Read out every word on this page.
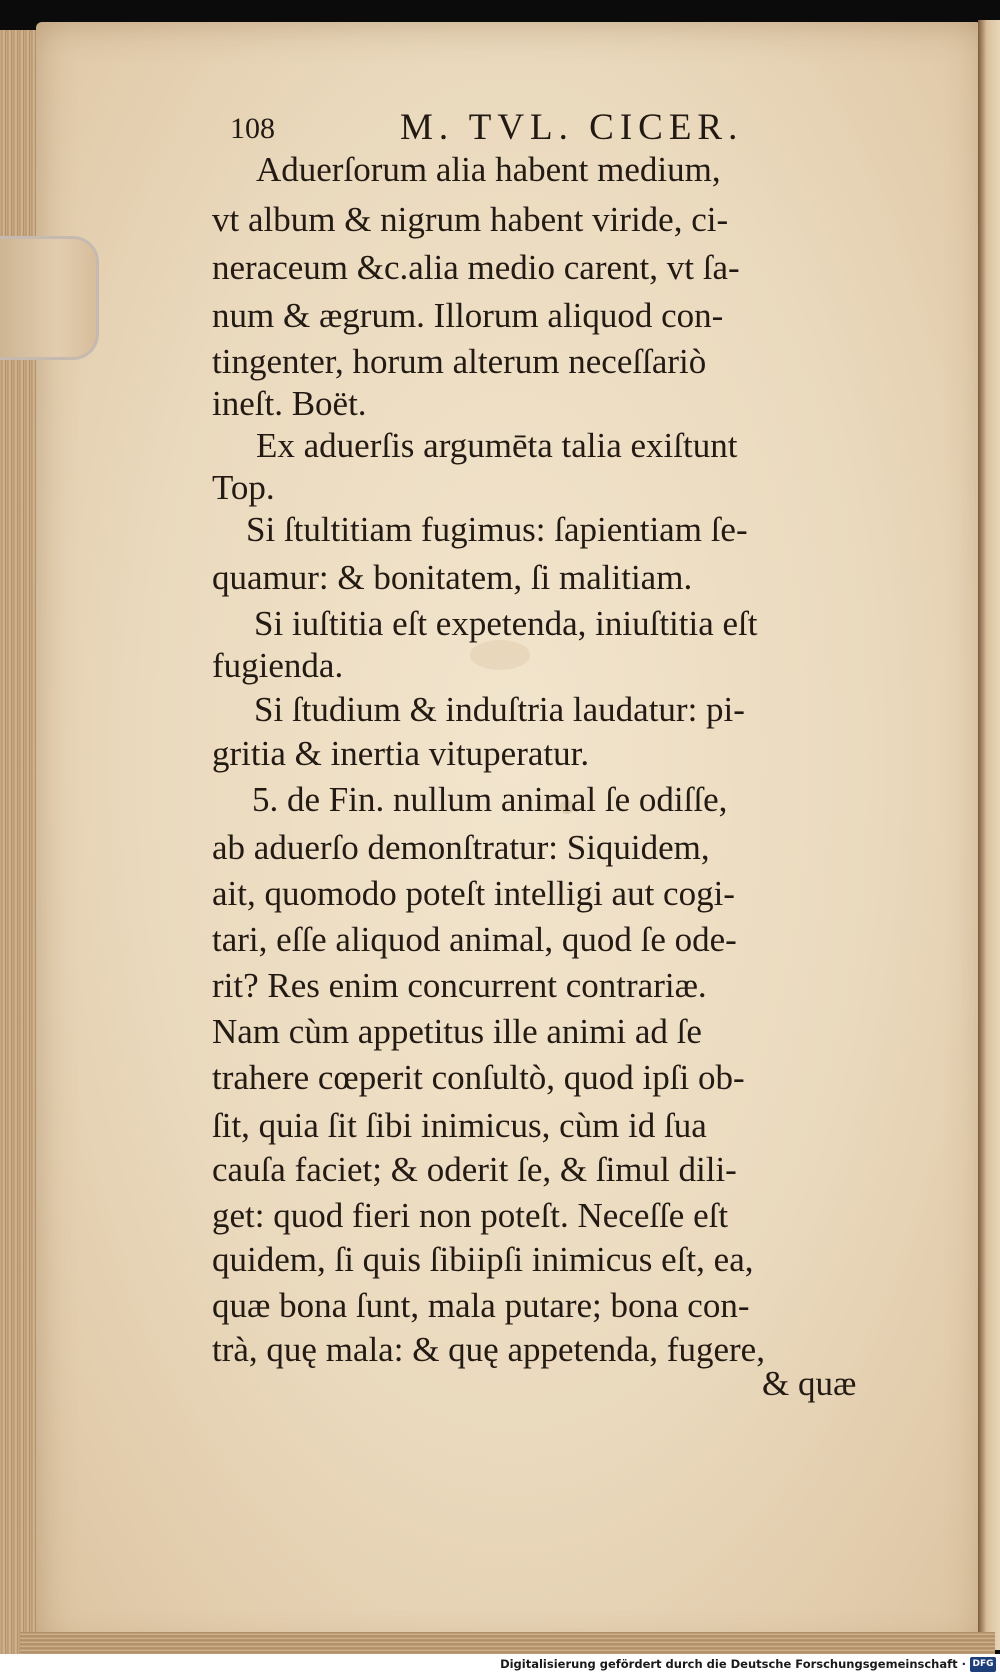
108	M. TVL. CICER.
Aduerſorum alia habent medium,
vt album & nigrum habent viride, ci-
neraceum &c.alia medio carent, vt ſa-
num & ægrum. Illorum aliquod con-
tingenter, horum alterum neceſſariò
ineſt. Boët.
Ex aduerſis argumēta talia exiſtunt
Top.
Si ſtultitiam fugimus: ſapientiam ſe-
quamur: & bonitatem, ſi malitiam.
Si iuſtitia eſt expetenda, iniuſtitia eſt
fugienda.
Si ſtudium & induſtria laudatur: pi-
gritia & inertia vituperatur.
5. de Fin. nullum animal ſe odiſſe,
ab aduerſo demonſtratur: Siquidem,
ait, quomodo poteſt intelligi aut cogi-
tari, eſſe aliquod animal, quod ſe ode-
rit? Res enim concurrent contrariæ.
Nam cùm appetitus ille animi ad ſe
trahere cœperit conſultò, quod ipſi ob-
ſit, quia ſit ſibi inimicus, cùm id ſua
cauſa faciet; & oderit ſe, & ſimul dili-
get: quod fieri non poteſt. Neceſſe eſt
quidem, ſi quis ſibiipſi inimicus eſt, ea,
quæ bona ſunt, mala putare; bona con-
trà, quę mala: & quę appetenda, fugere,
& quæ
Digitalisierung gefördert durch die Deutsche Forschungsgemeinschaft · DFG
